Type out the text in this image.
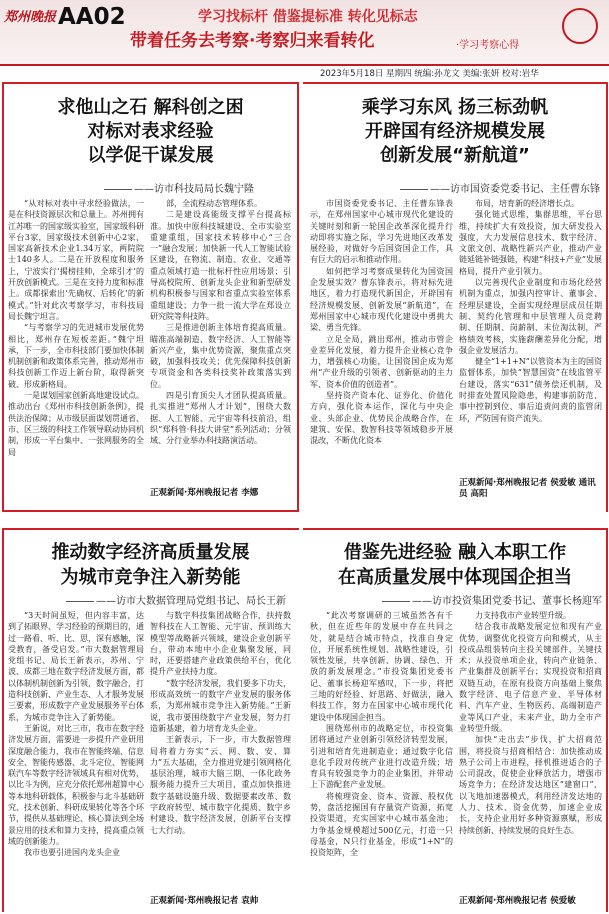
郑州晚报 AA02	学习找标杆 借鉴提标准 转化见标志
带着任务去考察·考察归来看转化	·学习考察心得
2023年5月18日 星期四 统编:孙龙文 美编:张妍 校对:岩华
求他山之石 解科创之困
对标对表求经验
以学促干谋发展
——访市科技局局长魏宁隆

“从对标对表中寻求经验做法，一是在科技资源层次和总量上。苏州拥有江苏唯一的国家级实验室，国家级科研平台3家，国家级技术创新中心2家，国家高新技术企业1.34万家，两院院士140多人。二是在开放程度和服务上，宁波实行‘揭榜挂帅，全球引才’的开放创新模式。三是在支持力度和标准上。成都探索出‘先确权、后转化’的新模式。”针对此次考察学习，市科技局局长魏宁坦言。

“与考察学习的先进城市发展优势相比，郑州存在短板差距。”魏宁坦承，下一步，全市科技部门要加快体制机制创新和政策体系完善，推动郑州市科技创新工作迈上新台阶，取得新突破、形成新格局。

一是谋划国家创新高地建设试点。推动出台《郑州市科技创新条例》，提供法治保障；从市级层面谋划贯通省、市、区三级的科技工作领导联动协同机制，形成一平台集中、一张网服务的全局

部，全流程动态管理体系。

二是建设高能级支撑平台提高标准。加快中原科技城建设、全市实验室重建重组，国家技术转移中心“三合一”融合发展；加快新一代人工智能试验区建设，在物流、制造、农业、交通等重点领域打造一批标杆性应用场景；引导高校院所、创新龙头企业和新型研发机构积极参与国家和省重点实验室体系重组建设；力争一批一流大学在郑设立研究院等科技阵。

三是推进创新主体培育提高质量。瞄准高端制造、数字经济、人工智能等新兴产业，集中优势资源，聚焦重点突破，加强科技攻关；优先保障科技创新专项资金和各类科技奖补政策落实到位。

四是引育顶尖人才团队提高质量。扎实推进“郑州人才计划”，围绕大数据、人工智能、元宇宙等科技前沿，组织“郑科管·科技大讲堂”系列活动；分领域、分行业举办科技路演活动。

正观新闻·郑州晚报记者 李娜
乘学习东风 扬三标劲帆
开辟国有经济规模发展
创新发展“新航道”
——访市国资委党委书记、主任曹东锋

市国资委党委书记、主任曹东锋表示，在郑州国家中心城市现代化建设的关键时刻和新一轮国企改革深化提升行动即将实施之际，学习先进地区改革发展经验，对做好今后国资国企工作，具有巨大的启示和推动作用。

如何把学习考察成果转化为国资国企发展实效？曹东锋表示，将对标先进地区，着力打造现代新国企，开辟国有经济规模发展、创新发展“新航道”，在郑州国家中心城市现代化建设中勇挑大梁、勇当先锋。

立足全局，跳出郑州，推动市管企业差异化发展，着力提升企业核心竞争力，增强核心功能，让国资国企成为郑州“产业升级的引领者、创新驱动的主力军、资本价值的创造者”。

坚持资产资本化、证券化、价值化方向，强化资本运作，深化与中央企业、头部企业、优势民企战略合作，在建筑、安保、数智科技等领域稳步开展混改，不断优化资本

布局，培育新的经济增长点。

强化链式思维，集群思维，平台思维，持续扩大有效投资，加大研发投入强度，大力发展信息技术、数字经济、文旅文创、战略性新兴产业，推动产业链延链补链强链，构建“科技+产业”发展格局，提升产业引领力。

以完善现代企业制度和市场化经营机制为重点，加强内控审计、董事会、经理层建设，全面实现经理层成员任期制、契约化管理和中层管理人员竞聘制、任期制、岗薪制、末位淘汰制，严格绩效考核，实施薪酬差异化分配，增强企业发展活力。

健全“1+1+N”以管资本为主的国资监督体系，加快“智慧国资”在线监管平台建设，落实“631”债务偿还机制，及时排查处置风险隐患，构建事前防范、事中控制到位、事后追责问责的监管闭环，严防国有资产流失。

正观新闻·郑州晚报记者 侯爱敏 通讯员 高阳
推动数字经济高质量发展
为城市竞争注入新势能
——访市大数据管理局党组书记、局长王新

“3天时间虽短，但内容丰富，达到了拓眼界、学习经验的预期目的，通过一路看、听、比、思，深有感触，深受教育，备受启发。”市大数据管理局党组书记、局长王新表示，苏州、宁波、成都三地在数字经济发展方面，都以体制机制创新为引领，数字融合，打造科技创新、产业生态、人才服务发展三要素，形成数字产业发展服务平台体系，为城市竞争注入了新势能。

王新说，对比三市，我市在数字经济发展方面，需要进一步提升产业研用深度融合能力，我市在智能终端、信息安全、智能传感器、北斗定位、智能网联汽车等数字经济领域具有相对优势，以比斗为例，应充分依托郑州超算中心等本地科研载体，积极参与北斗基础研究、技术创新、科研成果转化等各个环节，提供从基础理论、核心算法到全场景应用的技术和算力支持，提高重点领域的创新能力。

我市也要引进国内龙头企业

与数字科技集团战略合作，扶持数智科技在人工智能、元宇宙、预训练大模型等战略新兴领域，建设企业创新平台，带动本地中小企业集聚发展，同时，还要搭建产业政策供给平台，优化提升产业扶持力度。

“数字经济发展，我们要多下功夫，形成高效统一的数字产业发展的服务体系，为郑州城市竞争注入新势能。”王新说，我市要围绕数字产业发展，努力打造新基建，着力培育龙头企业。

王新表示，下一步，市大数据管理局将着力夯实“云、网、数、安、算力”五大基础，全力推进党建引领网格化基层治理，城市大脑三期、一体化政务服务能力提升三大项目，重点加快推进数字基础设施升级、数据要素改革、数字政府转型、城市数字化提质、数字乡村建设、数字经济发展，创新平台支撑七大行动。

正观新闻·郑州晚报记者 袁帅
借鉴先进经验 融入本职工作
在高质量发展中体现国企担当
——访市投资集团党委书记、董事长杨迎军

“此次考察调研的三城虽然各有千秋，但在近些年的发展中存在共同之处，就是结合城市特点，找准自身定位，开展系统性规划、战略性建设，引领性发展，共享创新、协调、绿色、开放的新发展理念。”市投资集团党委书记、董事长杨迎军感叹，下一步，将把三地的好经验、好思路、好做法，融入科技工作，努力在国家中心城市现代化建设中体现国企担当。

围绕郑州市的战略定位，市投资集团将通过产业创新引领经济转型发展，引进和培育先进制造业；通过数字化信息化手段对传统产业进行改造升级；培育具有较强竞争力的企业集团，并带动上下游配套产业发展。

将梳理资金、资本、资源、股权优势，盘活挖掘国有存量资产资源，拓宽投资渠道，充实国家中心城市基金池；力争基金规模超过500亿元，打造一只母基金，N只行业基金，形成“1+N”的投资矩阵，全

力支持我市产业转型升级。

结合我市战略发展定位和现有产业优势，调整优化投资方向和模式，从主投成品组装转向主投关键部件、关键技术；从投资单项企业，转向产业链条、产业集群及创新平台；实现投资和招商双链互动，在原有投资方向基础上聚焦数字经济、电子信息产业、半导体材料、汽车产业、生物医药、高端制造产业等风口产业，未来产业，助力全市产业转型升级。

加快“走出去”步伐，扩大招商范围，将投资与招商相结合：加快推动成熟子公司上市进程，择机推进适合的子公司混改，促使企业释放活力，增强市场竞争力；在经济发达地区“建窗口”，以飞地加速器模式，利用经济发达地的人力、技术、资金优势，加速企业成长，支持企业用好多种资源禀赋，形成持续创新、持续发展的良好生态。

正观新闻·郑州晚报记者 侯爱敏
